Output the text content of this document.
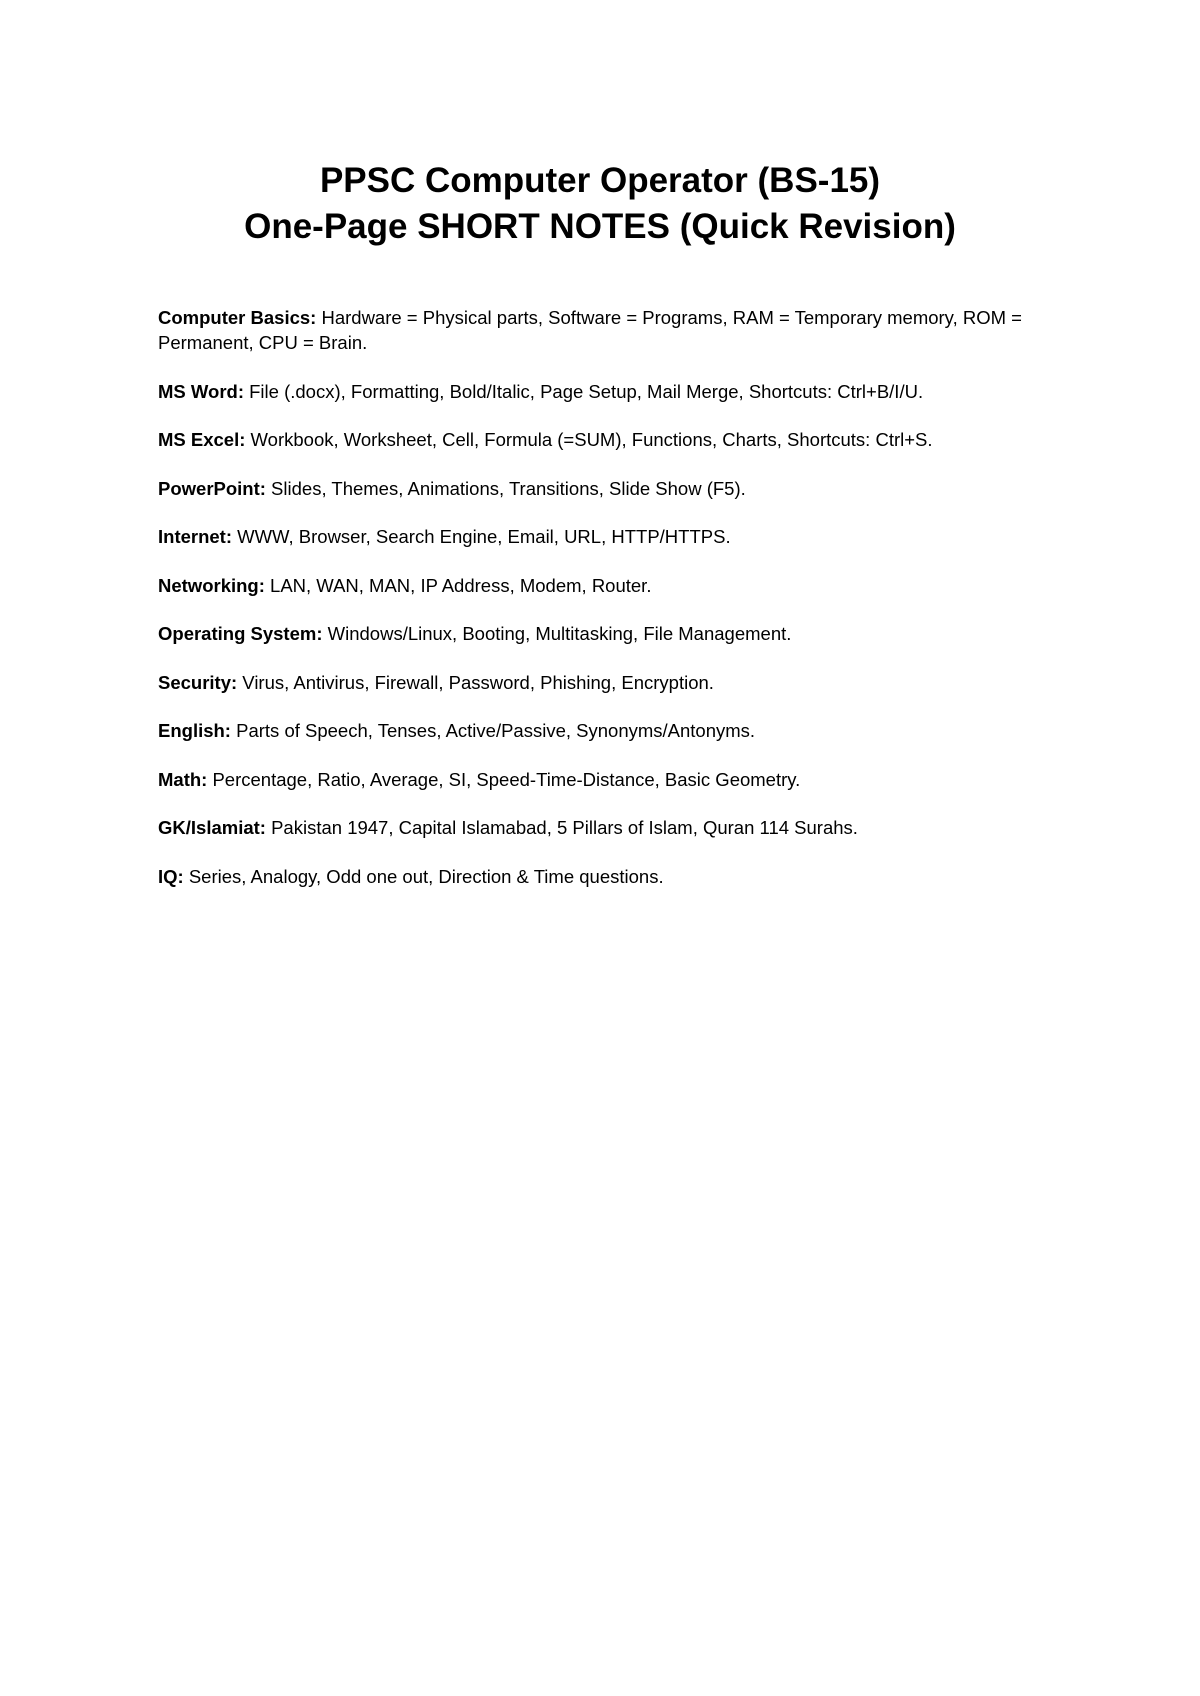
PPSC Computer Operator (BS-15)

One-Page SHORT NOTES (Quick Revision)

Computer Basics: Hardware = Physical parts, Software = Programs, RAM = Temporary memory, ROM = Permanent, CPU = Brain.

MS Word: File (.docx), Formatting, Bold/Italic, Page Setup, Mail Merge, Shortcuts: Ctrl+B/I/U.

MS Excel: Workbook, Worksheet, Cell, Formula (=SUM), Functions, Charts, Shortcuts: Ctrl+S.

PowerPoint: Slides, Themes, Animations, Transitions, Slide Show (F5).

Internet: WWW, Browser, Search Engine, Email, URL, HTTP/HTTPS.

Networking: LAN, WAN, MAN, IP Address, Modem, Router.

Operating System: Windows/Linux, Booting, Multitasking, File Management.

Security: Virus, Antivirus, Firewall, Password, Phishing, Encryption.

English: Parts of Speech, Tenses, Active/Passive, Synonyms/Antonyms.

Math: Percentage, Ratio, Average, SI, Speed-Time-Distance, Basic Geometry.

GK/Islamiat: Pakistan 1947, Capital Islamabad, 5 Pillars of Islam, Quran 114 Surahs.

IQ: Series, Analogy, Odd one out, Direction & Time questions.
